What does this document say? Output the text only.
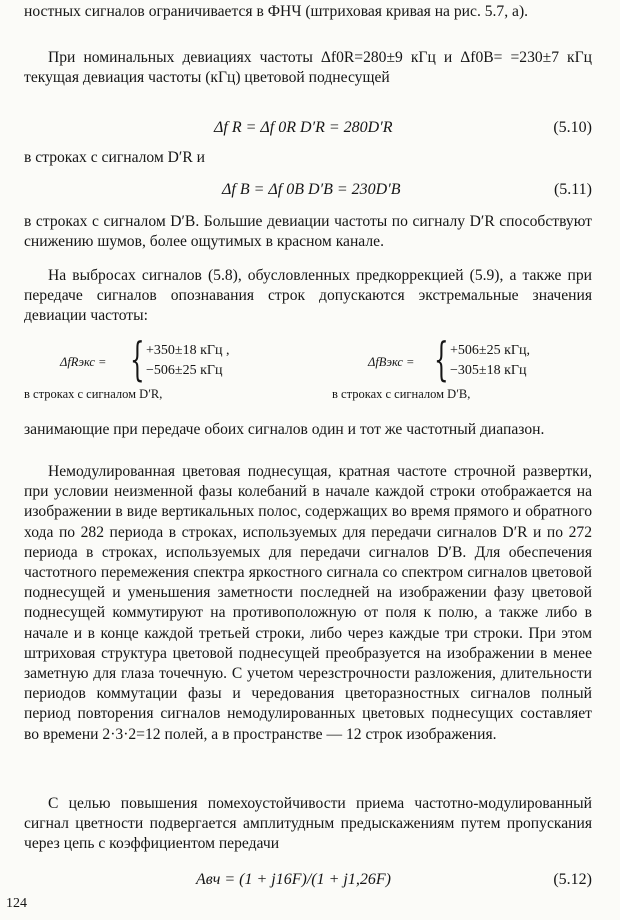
ностных сигналов ограничивается в ФНЧ (штриховая кривая на рис. 5.7, а).

При номинальных девиациях частоты Δf0R=280±9 кГц и Δf0B= =230±7 кГц текущая девиация частоты (кГц) цветовой поднесущей

Δf R = Δf 0R D′R = 280D′R	(5.10)

в строках с сигналом D′R и

Δf B = Δf 0B D′B = 230D′B	(5.11)

в строках с сигналом D′B. Большие девиации частоты по сигналу D′R способствуют снижению шумов, более ощутимых в красном канале.

На выбросах сигналов (5.8), обусловленных предкоррекцией (5.9), а также при передаче сигналов опознавания строк допускаются экстремальные значения девиации частоты:

ΔfRэкс = { +350±18 кГц ,
−506±25 кГц
в строках с сигналом D′R,
ΔfBэкс = { +506±25 кГц,
−305±18 кГц
в строках с сигналом D′B,

занимающие при передаче обоих сигналов один и тот же частотный диапазон.

Немодулированная цветовая поднесущая, кратная частоте строчной развертки, при условии неизменной фазы колебаний в начале каждой строки отображается на изображении в виде вертикальных полос, содержащих во время прямого и обратного хода по 282 периода в строках, используемых для передачи сигналов D′R и по 272 периода в строках, используемых для передачи сигналов D′B. Для обеспечения частотного перемежения спектра яркостного сигнала со спектром сигналов цветовой поднесущей и уменьшения заметности последней на изображении фазу цветовой поднесущей коммутируют на противоположную от поля к полю, а также либо в начале и в конце каждой третьей строки, либо через каждые три строки. При этом штриховая структура цветовой поднесущей преобразуется на изображении в менее заметную для глаза точечную. С учетом черезстрочности разложения, длительности периодов коммутации фазы и чередования цветоразностных сигналов полный период повторения сигналов немодулированных цветовых поднесущих составляет во времени 2·3·2=12 полей, а в пространстве — 12 строк изображения.

С целью повышения помехоустойчивости приема частотно-модулированный сигнал цветности подвергается амплитудным предыскажениям путем пропускания через цепь с коэффициентом передачи

Aвч = (1 + j16F)/(1 + j1,26F)	(5.12)
124
